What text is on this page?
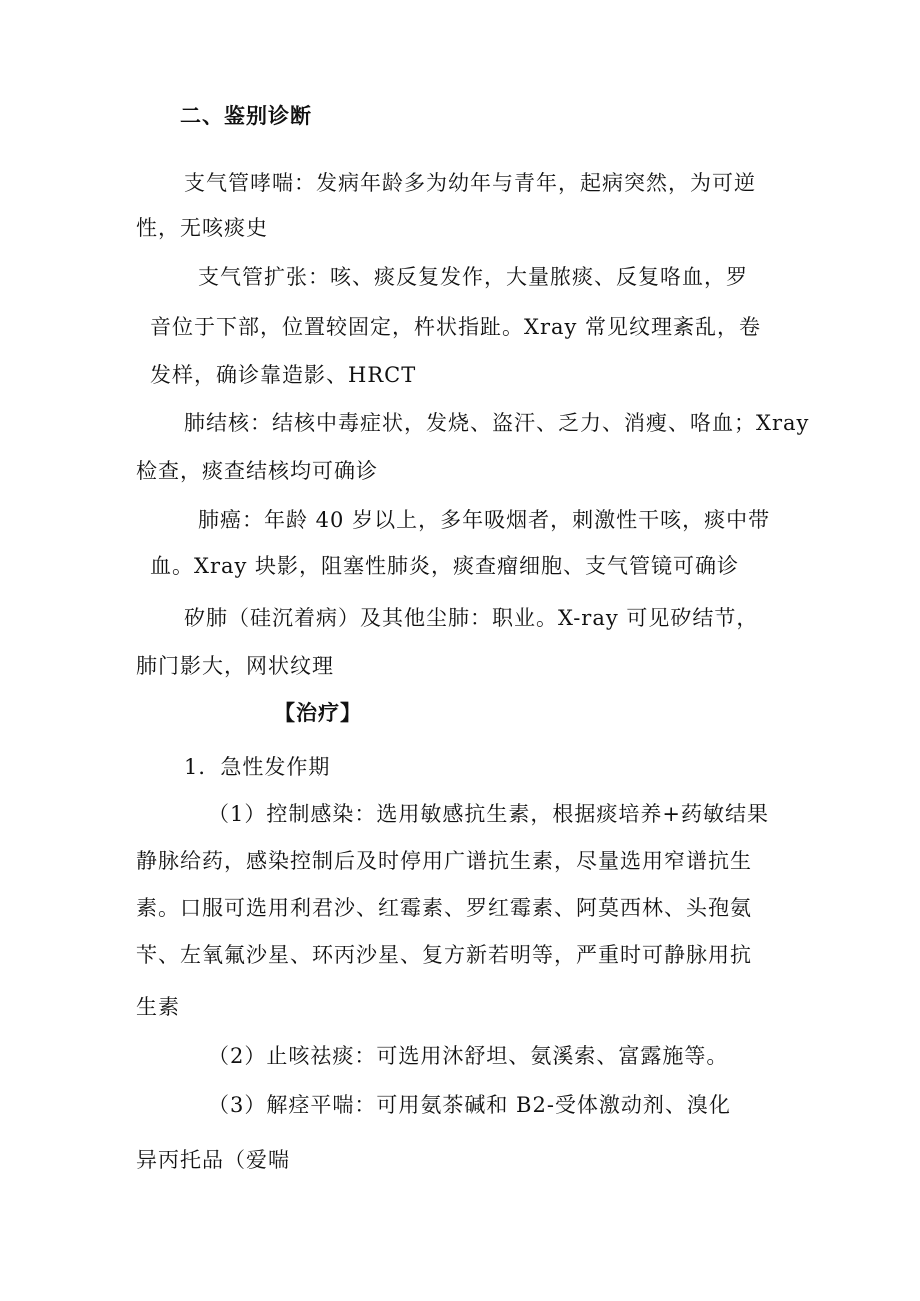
二、鉴别诊断

支气管哮喘：发病年龄多为幼年与青年，起病突然，为可逆

性，无咳痰史

支气管扩张：咳、痰反复发作，大量脓痰、反复咯血，罗

音位于下部，位置较固定，杵状指趾。Xray 常见纹理紊乱，卷

发样，确诊靠造影、HRCT

肺结核：结核中毒症状，发烧、盗汗、乏力、消瘦、咯血；Xray

检查，痰查结核均可确诊

肺癌：年龄 40 岁以上，多年吸烟者，刺激性干咳，痰中带

血。Xray 块影，阻塞性肺炎，痰查瘤细胞、支气管镜可确诊

矽肺（硅沉着病）及其他尘肺：职业。X-ray 可见矽结节，

肺门影大，网状纹理

【治疗】

1．急性发作期

（1）控制感染：选用敏感抗生素，根据痰培养+药敏结果

静脉给药，感染控制后及时停用广谱抗生素，尽量选用窄谱抗生

素。口服可选用利君沙、红霉素、罗红霉素、阿莫西林、头孢氨

苄、左氧氟沙星、环丙沙星、复方新若明等，严重时可静脉用抗

生素

（2）止咳祛痰：可选用沐舒坦、氨溪索、富露施等。

（3）解痉平喘：可用氨茶碱和 B2-受体激动剂、溴化

异丙托品（爱喘
